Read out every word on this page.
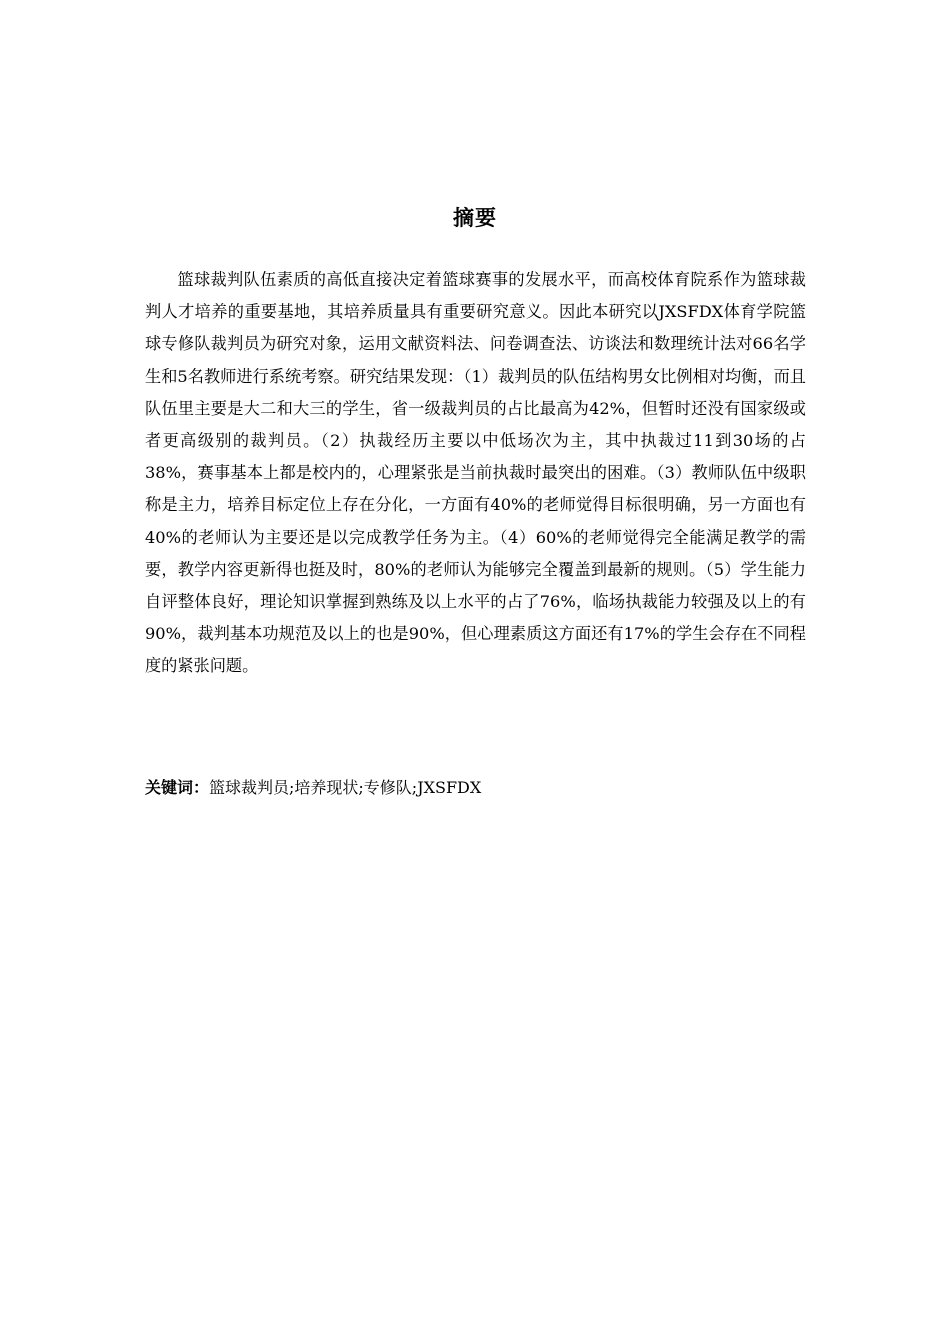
摘要

篮球裁判队伍素质的高低直接决定着篮球赛事的发展水平，而高校体育院系作为篮球裁判人才培养的重要基地，其培养质量具有重要研究意义。因此本研究以JXSFDX体育学院篮球专修队裁判员为研究对象，运用文献资料法、问卷调查法、访谈法和数理统计法对66名学生和5名教师进行系统考察。研究结果发现：（1）裁判员的队伍结构男女比例相对均衡，而且队伍里主要是大二和大三的学生，省一级裁判员的占比最高为42%，但暂时还没有国家级或者更高级别的裁判员。（2）执裁经历主要以中低场次为主，其中执裁过11到30场的占38%，赛事基本上都是校内的，心理紧张是当前执裁时最突出的困难。（3）教师队伍中级职称是主力，培养目标定位上存在分化，一方面有40%的老师觉得目标很明确，另一方面也有40%的老师认为主要还是以完成教学任务为主。（4）60%的老师觉得完全能满足教学的需要，教学内容更新得也挺及时，80%的老师认为能够完全覆盖到最新的规则。（5）学生能力自评整体良好，理论知识掌握到熟练及以上水平的占了76%，临场执裁能力较强及以上的有90%，裁判基本功规范及以上的也是90%，但心理素质这方面还有17%的学生会存在不同程度的紧张问题。

关键词：篮球裁判员;培养现状;专修队;JXSFDX
